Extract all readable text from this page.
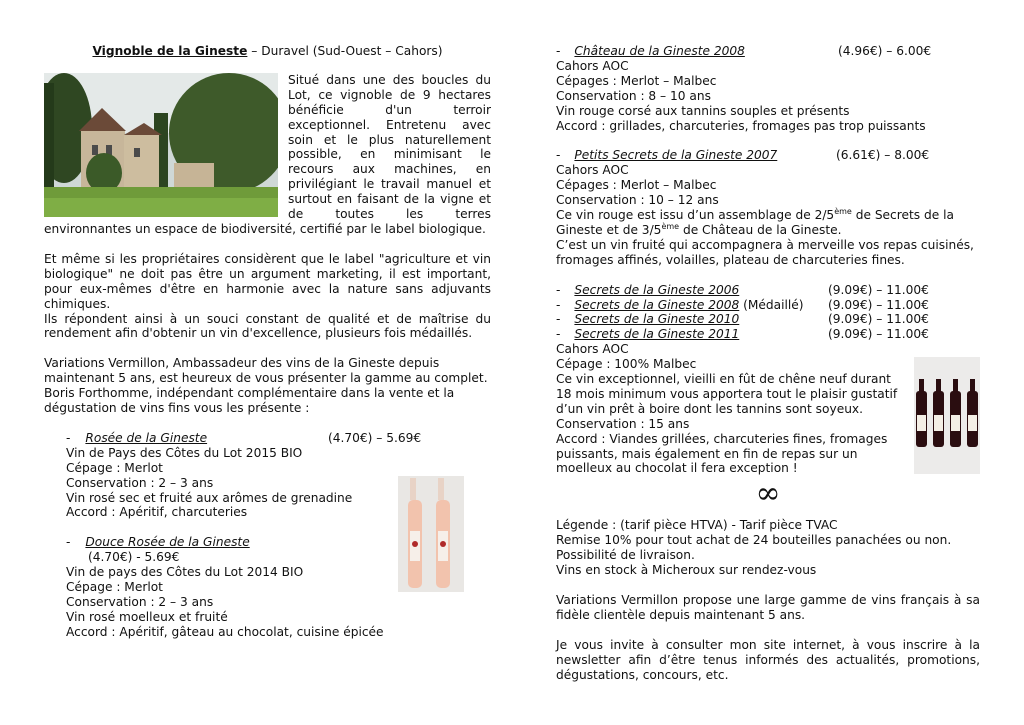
Vignoble de la Gineste – Duravel (Sud-Ouest – Cahors)

Situé dans une des boucles du Lot, ce vignoble de 9 hectares bénéficie d'un terroir exceptionnel. Entretenu avec soin et le plus naturellement possible, en minimisant le recours aux machines, en privilégiant le travail manuel et surtout en faisant de la vigne et de toutes les terres environnantes un espace de biodiversité, certifié par le label biologique.

Et même si les propriétaires considèrent que le label "agriculture et vin biologique" ne doit pas être un argument marketing, il est important, pour eux-mêmes d'être en harmonie avec la nature sans adjuvants chimiques.

Ils répondent ainsi à un souci constant de qualité et de maîtrise du rendement afin d'obtenir un vin d'excellence, plusieurs fois médaillés.

Variations Vermillon, Ambassadeur des vins de la Gineste depuis

maintenant 5 ans, est heureux de vous présenter la gamme au complet.

Boris Forthomme, indépendant complémentaire dans la vente et la

dégustation de vins fins vous les présente :

- Rosée de la Gineste	(4.70€) – 5.69€

Vin de Pays des Côtes du Lot 2015 BIO

Cépage : Merlot

Conservation : 2 – 3 ans

Vin rosé sec et fruité aux arômes de grenadine

Accord : Apéritif, charcuteries

- Douce Rosée de la Gineste

(4.70€) - 5.69€

Vin de pays des Côtes du Lot 2014 BIO

Cépage : Merlot

Conservation : 2 – 3 ans

Vin rosé moelleux et fruité

Accord : Apéritif, gâteau au chocolat, cuisine épicée

- Château de la Gineste 2008	(4.96€) – 6.00€

Cahors AOC

Cépages : Merlot – Malbec

Conservation : 8 – 10 ans

Vin rouge corsé aux tannins souples et présents

Accord : grillades, charcuteries, fromages pas trop puissants

- Petits Secrets de la Gineste 2007	(6.61€) – 8.00€

Cahors AOC

Cépages : Merlot – Malbec

Conservation : 10 – 12 ans

Ce vin rouge est issu d’un assemblage de 2/5ème de Secrets de la

Gineste et de 3/5ème de Château de la Gineste.

C’est un vin fruité qui accompagnera à merveille vos repas cuisinés,

fromages affinés, volailles, plateau de charcuteries fines.

- Secrets de la Gineste 2006	(9.09€) – 11.00€
- Secrets de la Gineste 2008 (Médaillé) (9.09€) – 11.00€
- Secrets de la Gineste 2010	(9.09€) – 11.00€
- Secrets de la Gineste 2011	(9.09€) – 11.00€

Cahors AOC

Cépage : 100% Malbec

Ce vin exceptionnel, vieilli en fût de chêne neuf durant

18 mois minimum vous apportera tout le plaisir gustatif

d’un vin prêt à boire dont les tannins sont soyeux.

Conservation : 15 ans

Accord : Viandes grillées, charcuteries fines, fromages

puissants, mais également en fin de repas sur un

moelleux au chocolat il fera exception !

∞

Légende : (tarif pièce HTVA) - Tarif pièce TVAC

Remise 10% pour tout achat de 24 bouteilles panachées ou non.

Possibilité de livraison.

Vins en stock à Micheroux sur rendez-vous

Variations Vermillon propose une large gamme de vins français à sa fidèle clientèle depuis maintenant 5 ans.

Je vous invite à consulter mon site internet, à vous inscrire à la newsletter afin d’être tenus informés des actualités, promotions, dégustations, concours, etc.
